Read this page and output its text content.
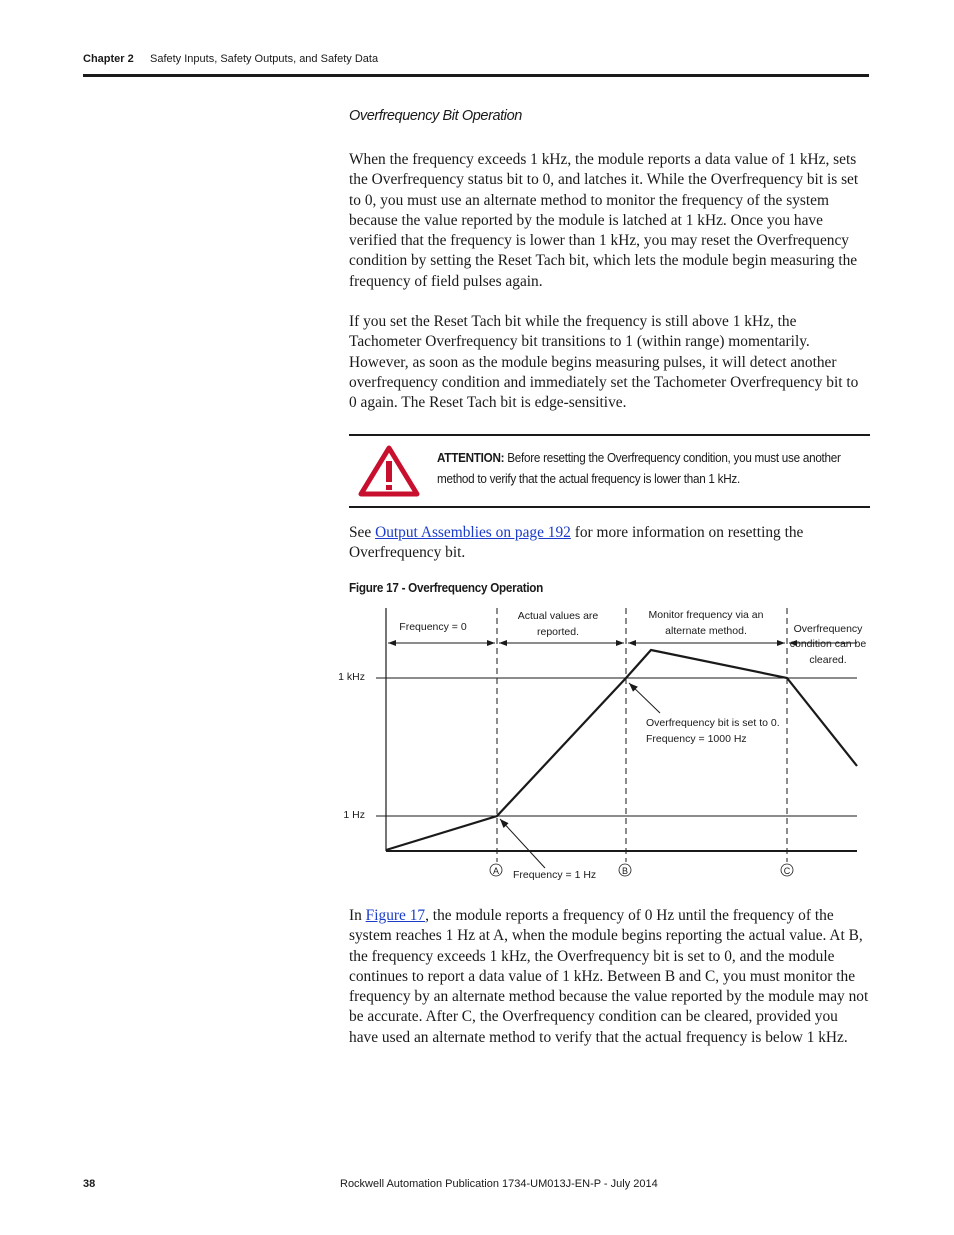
Chapter 2 Safety Inputs, Safety Outputs, and Safety Data
Overfrequency Bit Operation
When the frequency exceeds 1 kHz, the module reports a data value of 1 kHz, sets the Overfrequency status bit to 0, and latches it. While the Overfrequency bit is set to 0, you must use an alternate method to monitor the frequency of the system because the value reported by the module is latched at 1 kHz. Once you have verified that the frequency is lower than 1 kHz, you may reset the Overfrequency condition by setting the Reset Tach bit, which lets the module begin measuring the frequency of field pulses again.
If you set the Reset Tach bit while the frequency is still above 1 kHz, the Tachometer Overfrequency bit transitions to 1 (within range) momentarily. However, as soon as the module begins measuring pulses, it will detect another overfrequency condition and immediately set the Tachometer Overfrequency bit to 0 again. The Reset Tach bit is edge-sensitive.
ATTENTION: Before resetting the Overfrequency condition, you must use another method to verify that the actual frequency is lower than 1 kHz.
See Output Assemblies on page 192 for more information on resetting the Overfrequency bit.
Figure 17 - Overfrequency Operation
1 kHz
1 Hz
Frequency = 0
Actual values are
reported.
Monitor frequency via an
alternate method.	Overfrequency
condition can be
cleared.
Overfrequency bit is set to 0.
Frequency = 1000 Hz
Frequency = 1 Hz
A	B	C
In Figure 17, the module reports a frequency of 0 Hz until the frequency of the system reaches 1 Hz at A, when the module begins reporting the actual value. At B, the frequency exceeds 1 kHz, the Overfrequency bit is set to 0, and the module continues to report a data value of 1 kHz. Between B and C, you must monitor the frequency by an alternate method because the value reported by the module may not be accurate. After C, the Overfrequency condition can be cleared, provided you have used an alternate method to verify that the actual frequency is below 1 kHz.
38	Rockwell Automation Publication 1734-UM013J-EN-P - July 2014
